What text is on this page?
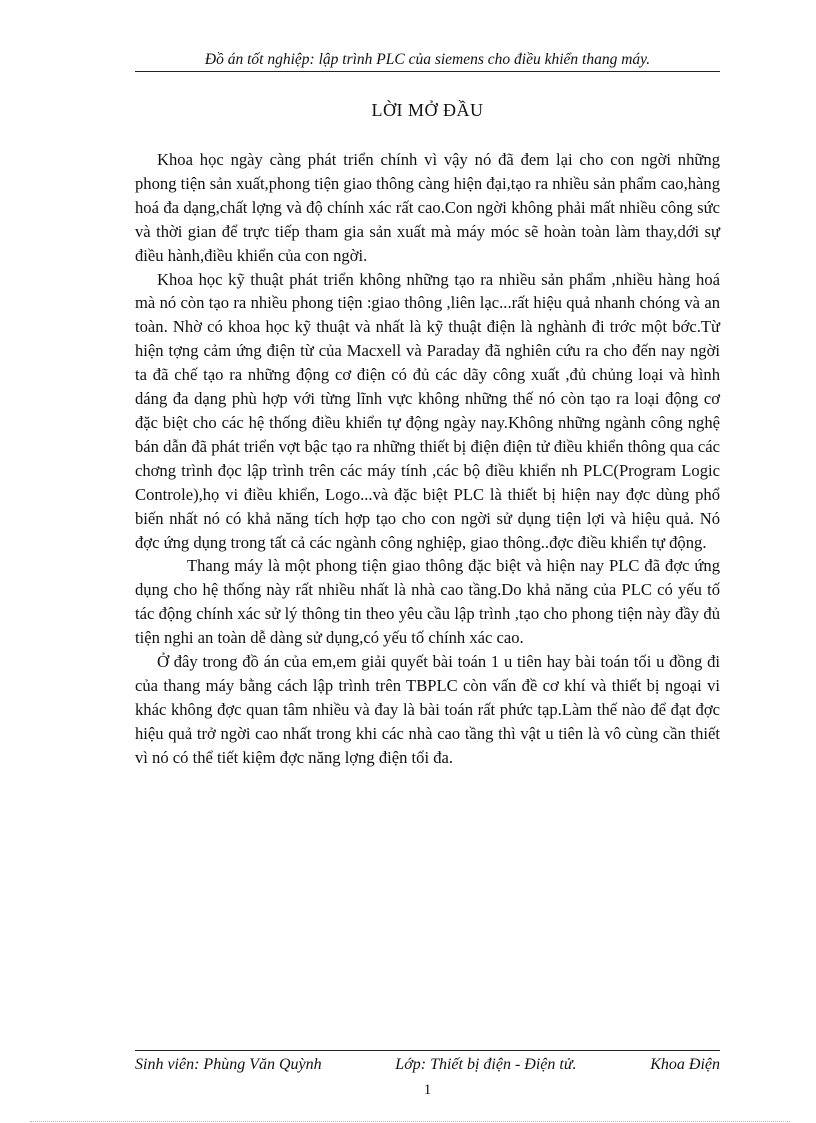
Đồ án tốt nghiệp: lập trình PLC của siemens cho điều khiển thang máy.
LỜI MỞ ĐẦU

Khoa học ngày càng phát triển chính vì vậy nó đã đem lại cho con ngời những phong tiện sản xuất,phong tiện giao thông càng hiện đại,tạo ra nhiều sản phẩm cao,hàng hoá đa dạng,chất lợng và độ chính xác rất cao.Con ngời không phải mất nhiều công sức và thời gian để trực tiếp tham gia sản xuất mà máy móc sẽ hoàn toàn làm thay,dới sự điều hành,điều khiển của con ngời.

Khoa học kỹ thuật phát triển không những tạo ra nhiều sản phẩm ,nhiều hàng hoá mà nó còn tạo ra nhiều phong tiện :giao thông ,liên lạc...rất hiệu quả nhanh chóng và an toàn. Nhờ có khoa học kỹ thuật và nhất là kỹ thuật điện là nghành đi trớc một bớc.Từ hiện tợng cảm ứng điện từ của Macxell và Paraday đã nghiên cứu ra cho đến nay ngời ta đã chế tạo ra những động cơ điện có đủ các dãy công xuất ,đủ chủng loại và hình dáng đa dạng phù hợp với từng lĩnh vực không những thế nó còn tạo ra loại động cơ đặc biệt cho các hệ thống điều khiển tự động ngày nay.Không những ngành công nghệ bán dẫn đã phát triển vợt bậc tạo ra những thiết bị điện điện tử điều khiển thông qua các chơng trình đọc lập trình trên các máy tính ,các bộ điều khiển nh PLC(Program Logic Controle),họ vi điều khiển, Logo...và đặc biệt PLC là thiết bị hiện nay đợc dùng phổ biến nhất nó có khả năng tích hợp tạo cho con ngời sử dụng tiện lợi và hiệu quả. Nó đợc ứng dụng trong tất cả các ngành công nghiệp, giao thông..đợc điều khiển tự động.

Thang máy là một phong tiện giao thông đặc biệt và hiện nay PLC đã đợc ứng dụng cho hệ thống này rất nhiều nhất là nhà cao tầng.Do khả năng của PLC có yếu tố tác động chính xác sử lý thông tin theo yêu cầu lập trình ,tạo cho phong tiện này đầy đủ tiện nghi an toàn dễ dàng sử dụng,có yếu tố chính xác cao.

Ở đây trong đồ án của em,em giải quyết bài toán 1 u tiên hay bài toán tối u đồng đi của thang máy bằng cách lập trình trên TBPLC còn vấn đề cơ khí và thiết bị ngoại vi khác không đợc quan tâm nhiều và đay là bài toán rất phức tạp.Làm thế nào để đạt đợc hiệu quả trở ngời cao nhất trong khi các nhà cao tầng thì vật u tiên là vô cùng cần thiết vì nó có thể tiết kiệm đợc năng lợng điện tối đa.

Sinh viên: Phùng Văn Quỳnh	Lớp: Thiết bị điện - Điện tử.	Khoa Điện
1
